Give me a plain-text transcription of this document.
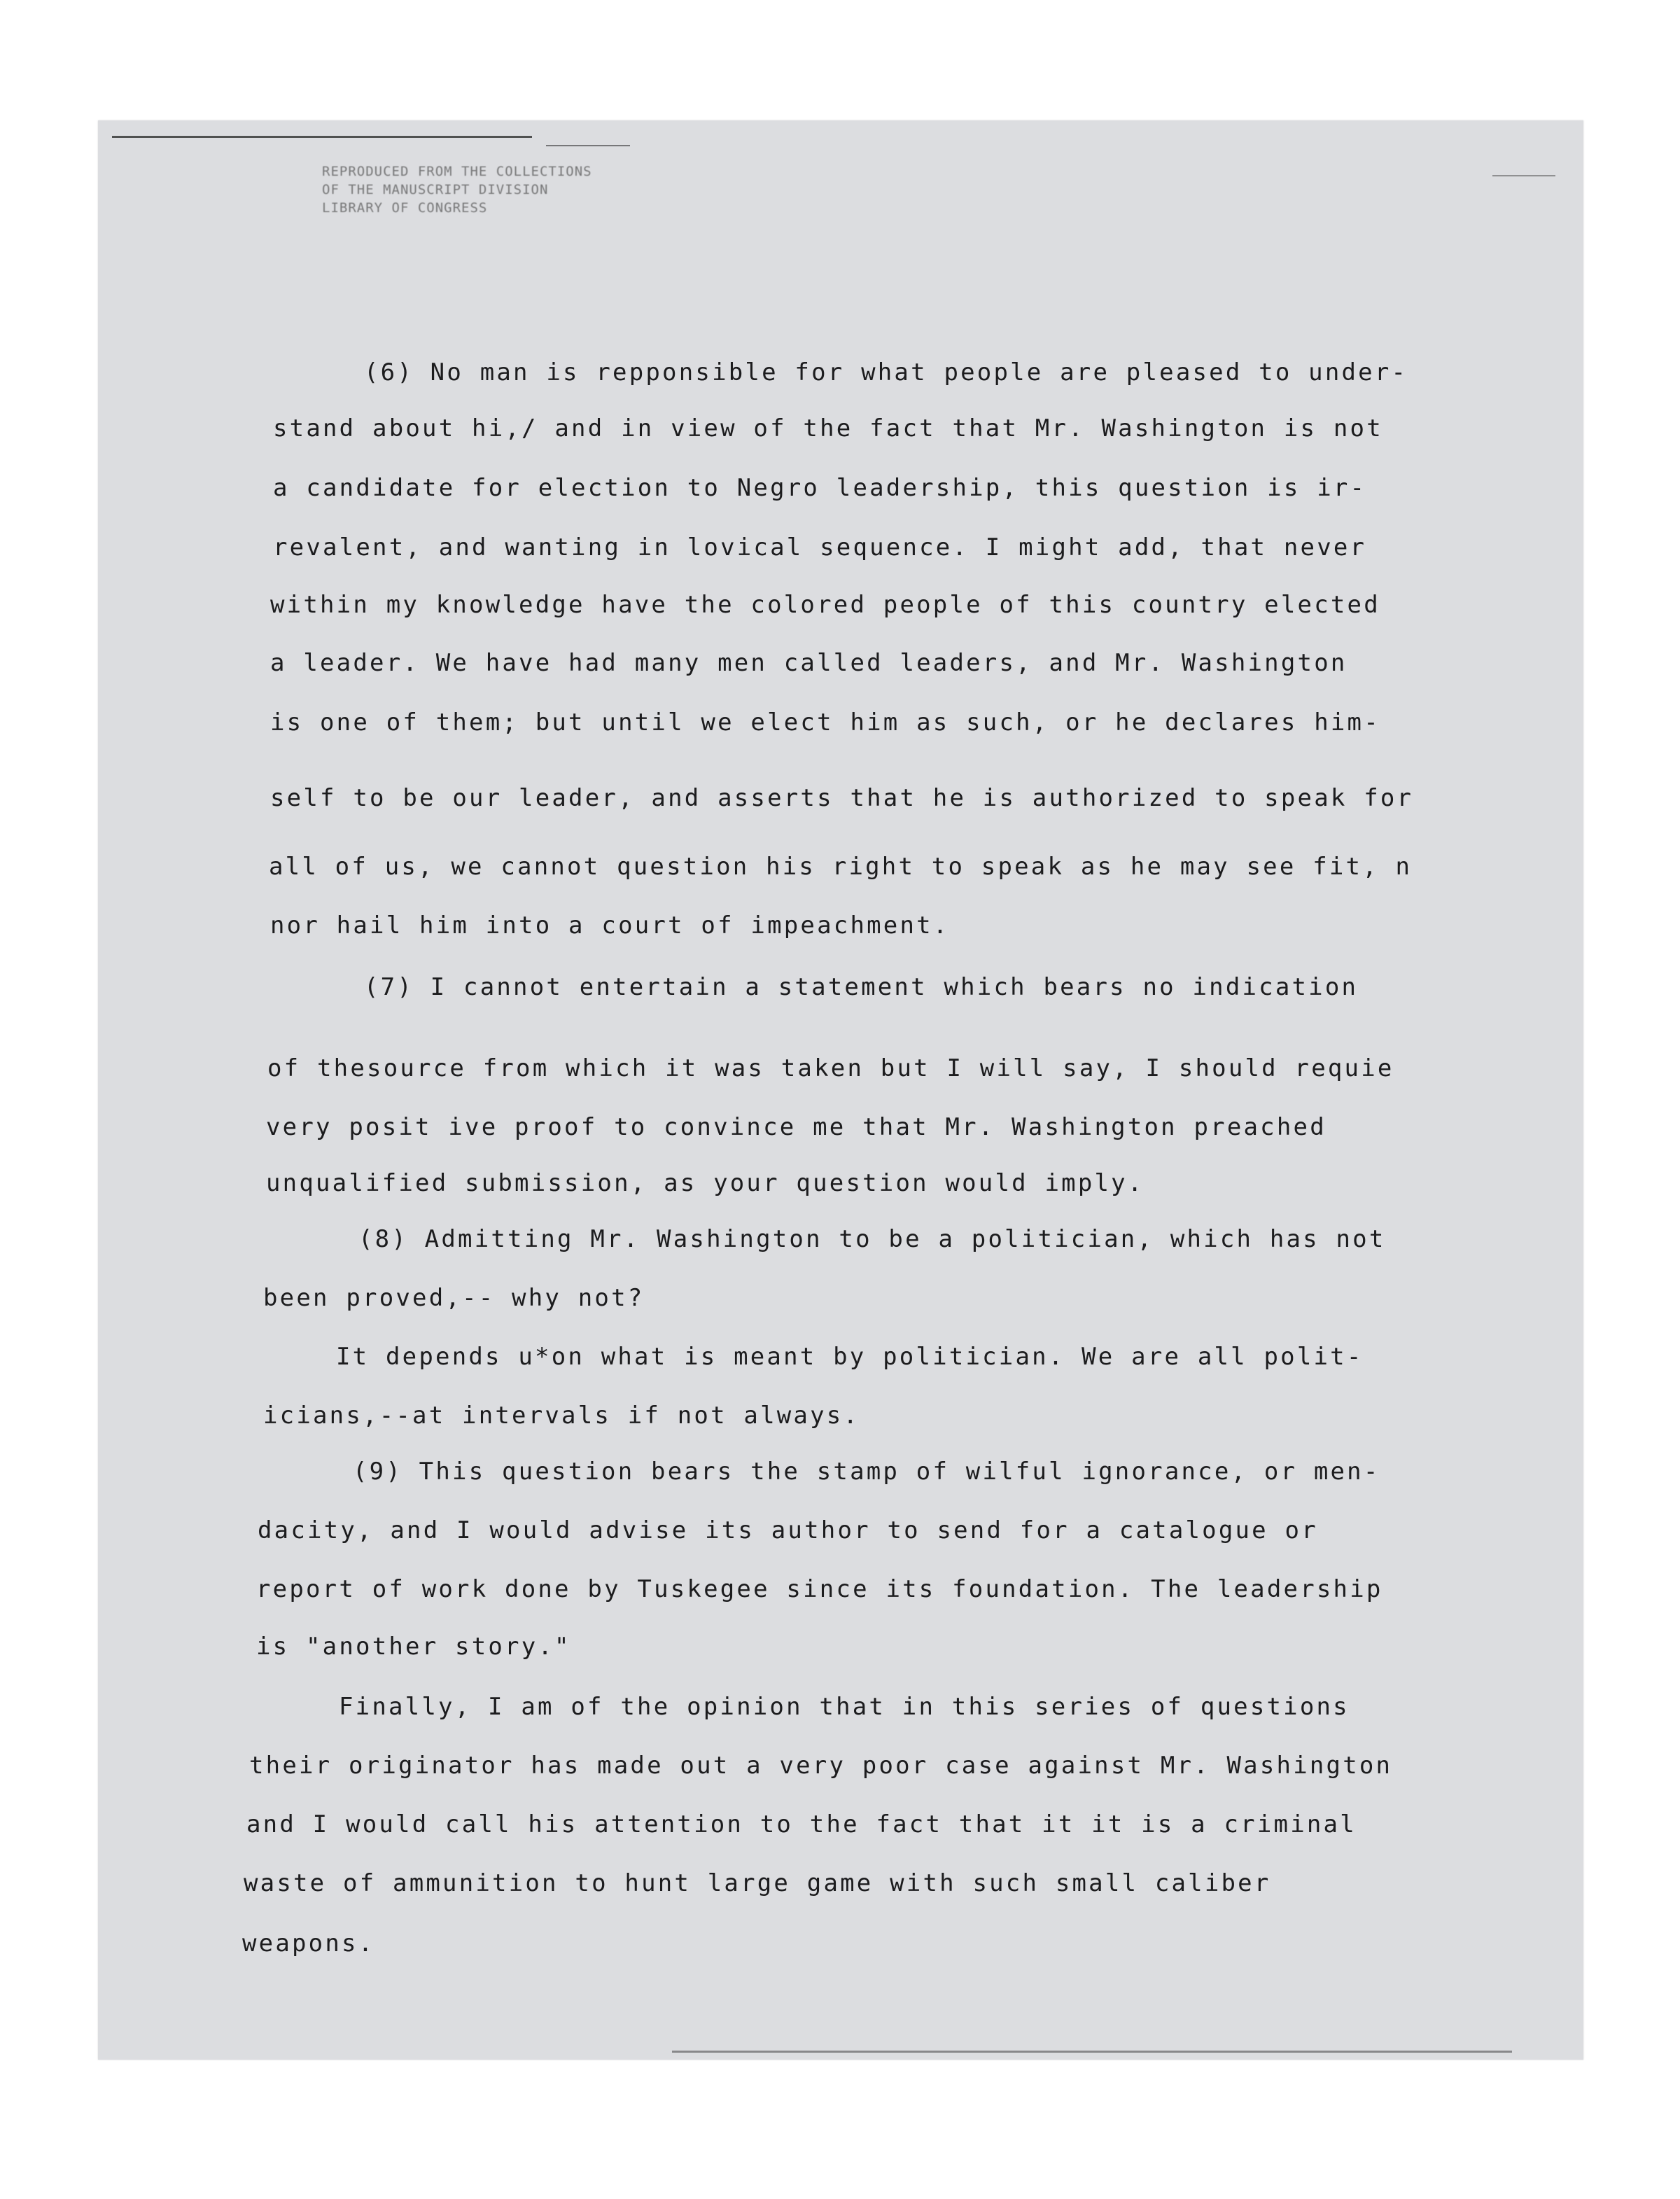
REPRODUCED FROM THE COLLECTIONS
OF THE MANUSCRIPT DIVISION
LIBRARY OF CONGRESS
(6) No man is repponsible for what people are pleased to under-
stand about hi,/ and in view of the fact that Mr. Washington is not
a candidate for election to Negro leadership, this question is ir-
revalent, and wanting in lovical sequence. I might add, that never
within my knowledge have the colored people of this country elected
a leader. We have had many men called leaders, and Mr. Washington
is one of them; but until we elect him as such, or he declares him-
self to be our leader, and asserts that he is authorized to speak for
all of us, we cannot question his right to speak as he may see fit, n
nor hail him into a court of impeachment.
(7) I cannot entertain a statement which bears no indication
of thesource from which it was taken but I will say, I should requie
very posit ive proof to convince me that Mr. Washington preached
unqualified submission, as your question would imply.
(8) Admitting Mr. Washington to be a politician, which has not
been proved,-- why not?
It depends u*on what is meant by politician. We are all polit-
icians,--at intervals if not always.
(9) This question bears the stamp of wilful ignorance, or men-
dacity, and I would advise its author to send for a catalogue or
report of work done by Tuskegee since its foundation. The leadership
is "another story."
Finally, I am of the opinion that in this series of questions
their originator has made out a very poor case against Mr. Washington
and I would call his attention to the fact that it it is a criminal
waste of ammunition to hunt large game with such small caliber
weapons.
